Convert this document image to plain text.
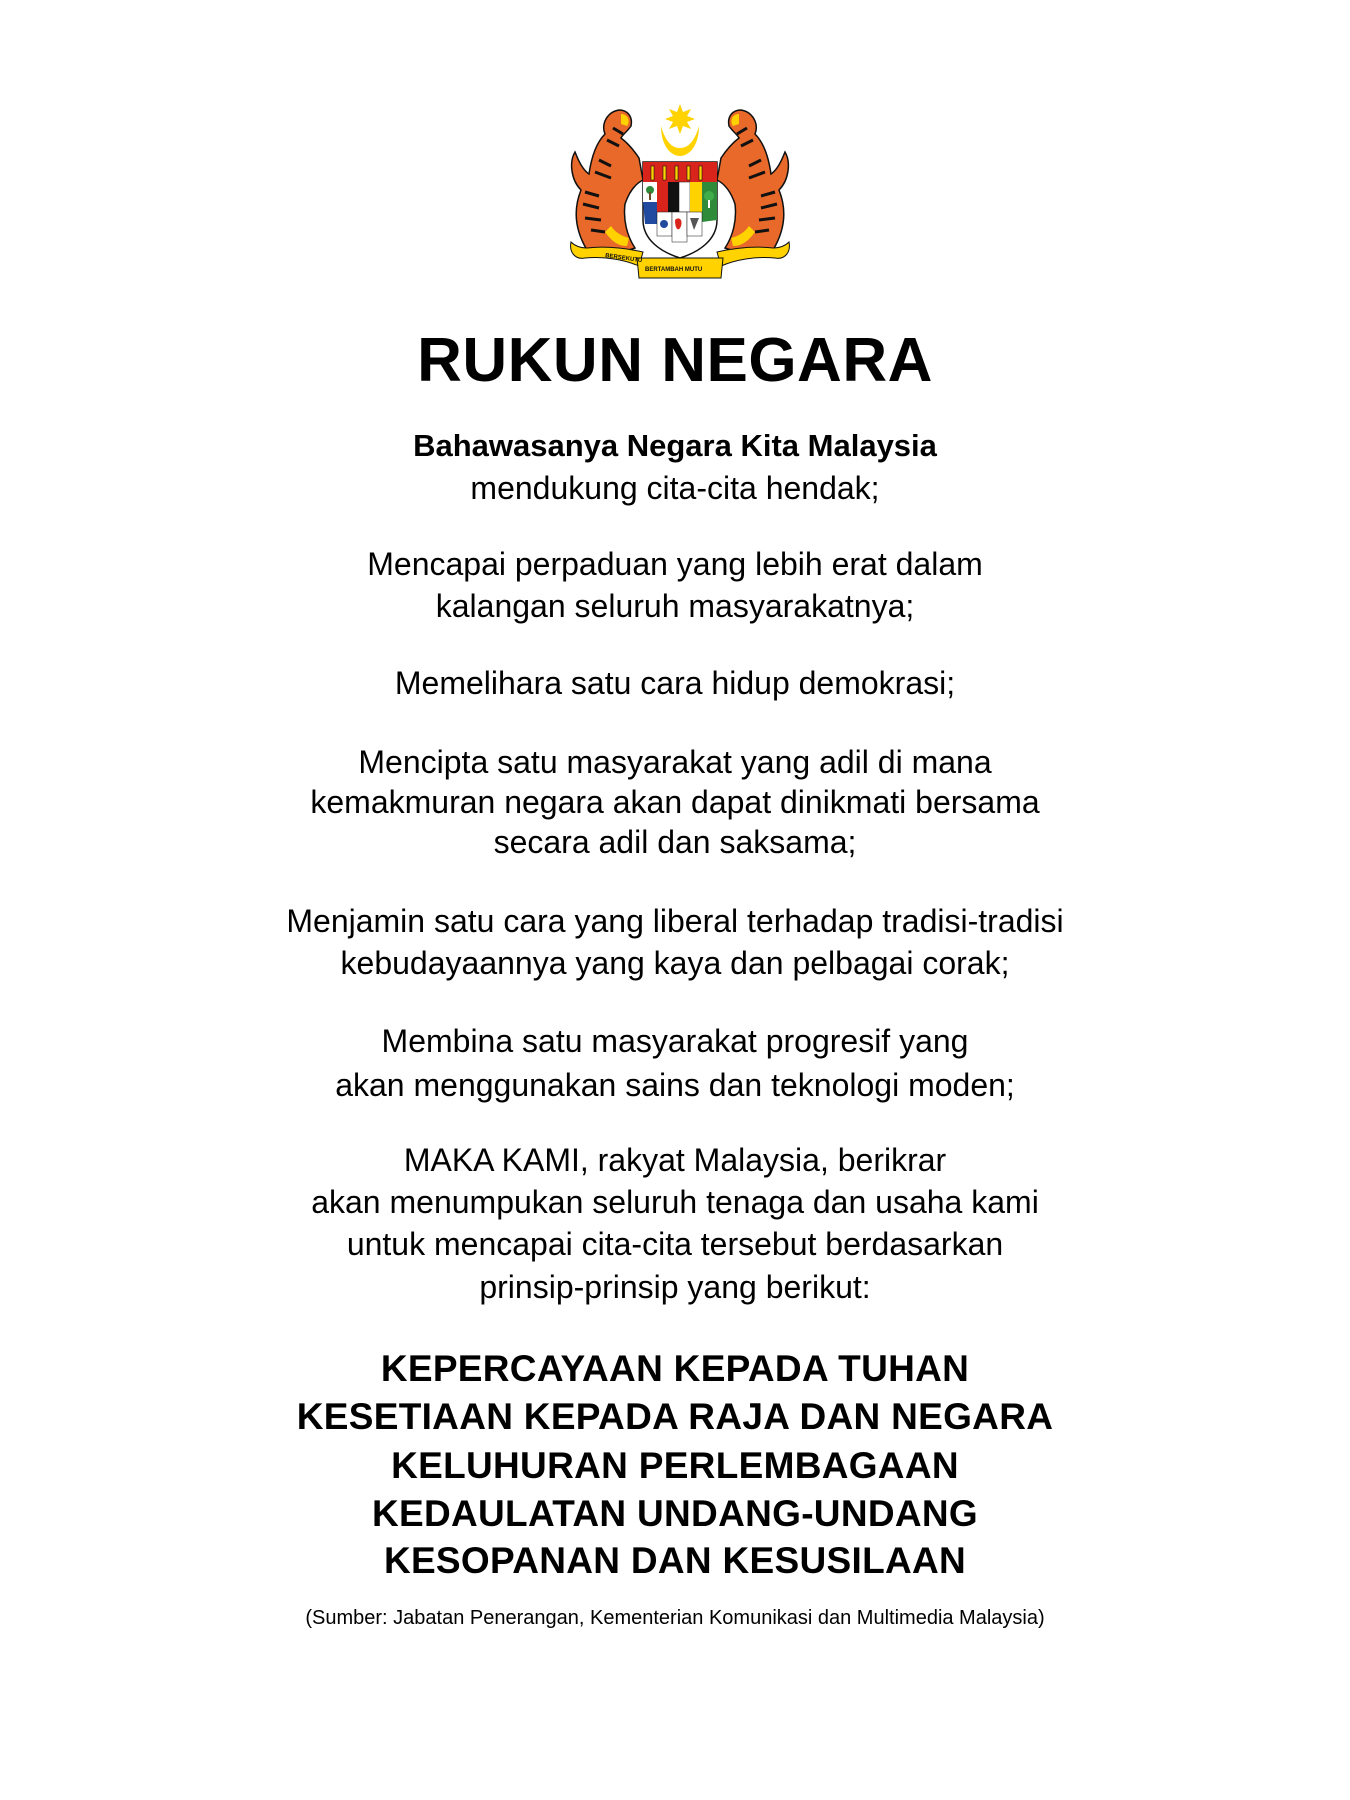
BERSEKUTU
BERTAMBAH MUTU
RUKUN NEGARA
Bahawasanya Negara Kita Malaysia
mendukung cita-cita hendak;
Mencapai perpaduan yang lebih erat dalam
kalangan seluruh masyarakatnya;
Memelihara satu cara hidup demokrasi;
Mencipta satu masyarakat yang adil di mana
kemakmuran negara akan dapat dinikmati bersama
secara adil dan saksama;
Menjamin satu cara yang liberal terhadap tradisi-tradisi
kebudayaannya yang kaya dan pelbagai corak;
Membina satu masyarakat progresif yang
akan menggunakan sains dan teknologi moden;
MAKA KAMI, rakyat Malaysia, berikrar
akan menumpukan seluruh tenaga dan usaha kami
untuk mencapai cita-cita tersebut berdasarkan
prinsip-prinsip yang berikut:
KEPERCAYAAN KEPADA TUHAN
KESETIAAN KEPADA RAJA DAN NEGARA
KELUHURAN PERLEMBAGAAN
KEDAULATAN UNDANG-UNDANG
KESOPANAN DAN KESUSILAAN
(Sumber: Jabatan Penerangan, Kementerian Komunikasi dan Multimedia Malaysia)
